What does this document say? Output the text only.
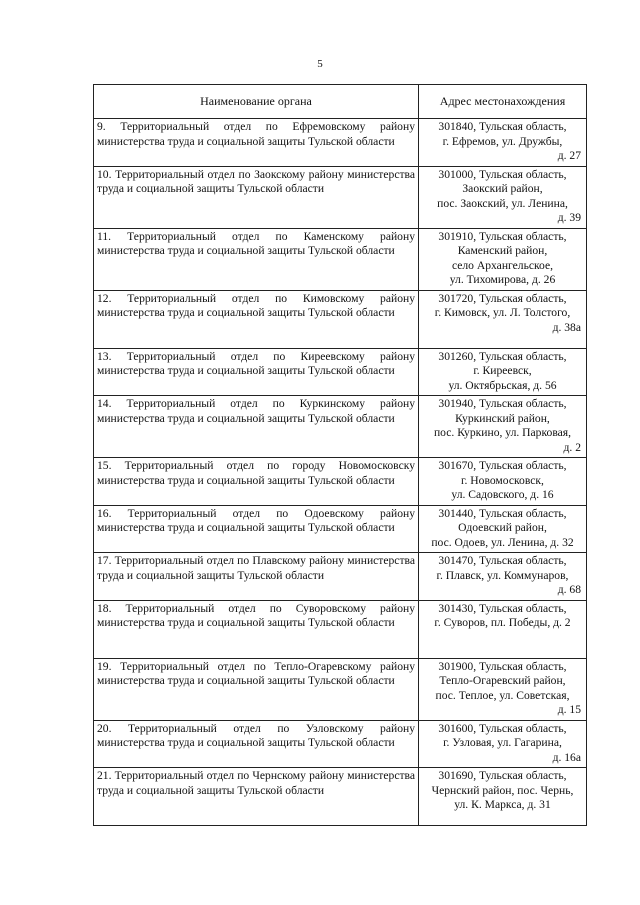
5
Наименование органа	Адрес местонахождения
9. Территориальный отдел по Ефремовскому району министерства труда и социальной защиты Тульской области	301840, Тульская область,
г. Ефремов, ул. Дружбы,
д. 27

10. Территориальный отдел по Заокскому району министерства труда и социальной защиты Тульской области	301000, Тульская область,
Заокский район,
пос. Заокский, ул. Ленина,
д. 39

11. Территориальный отдел по Каменскому району министерства труда и социальной защиты Тульской области	301910, Тульская область,
Каменский район,
село Архангельское,
ул. Тихомирова, д. 26

12. Территориальный отдел по Кимовскому району министерства труда и социальной защиты Тульской области	301720, Тульская область,
г. Кимовск, ул. Л. Толстого,
д. 38а

13. Территориальный отдел по Киреевскому району министерства труда и социальной защиты Тульской области	301260, Тульская область,
г. Киреевск,
ул. Октябрьская, д. 56

14. Территориальный отдел по Куркинскому району министерства труда и социальной защиты Тульской области	301940, Тульская область,
Куркинский район,
пос. Куркино, ул. Парковая,
д. 2

15. Территориальный отдел по городу Новомосковску министерства труда и социальной защиты Тульской области	301670, Тульская область,
г. Новомосковск,
ул. Садовского, д. 16

16. Территориальный отдел по Одоевскому району министерства труда и социальной защиты Тульской области	301440, Тульская область,
Одоевский район,
пос. Одоев, ул. Ленина, д. 32

17. Территориальный отдел по Плавскому району министерства труда и социальной защиты Тульской области	301470, Тульская область,
г. Плавск, ул. Коммунаров,
д. 68

18. Территориальный отдел по Суворовскому району министерства труда и социальной защиты Тульской области	301430, Тульская область,
г. Суворов, пл. Победы, д. 2

19. Территориальный отдел по Тепло-Огаревскому району министерства труда и социальной защиты Тульской области	301900, Тульская область,
Тепло-Огаревский район,
пос. Теплое, ул. Советская,
д. 15

20. Территориальный отдел по Узловскому району министерства труда и социальной защиты Тульской области	301600, Тульская область,
г. Узловая, ул. Гагарина,
д. 16а

21. Территориальный отдел по Чернскому району министерства труда и социальной защиты Тульской области	301690, Тульская область,
Чернский район, пос. Чернь,
ул. К. Маркса, д. 31
